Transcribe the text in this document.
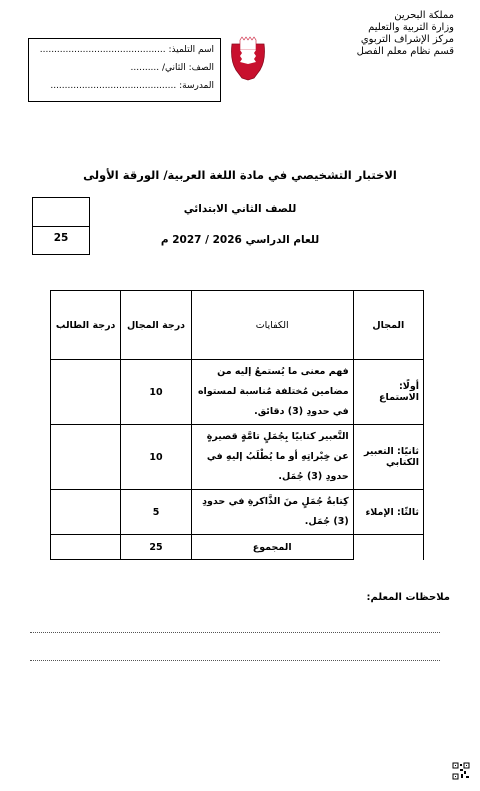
مملكة البحرين
وزارة التربية والتعليم
مركز الإشراف التربوي
قسم نظام معلم الفصل
اسم التلميذ: ............................................
الصف: الثاني/ ..........
المدرسة: ............................................
الاختبار التشخيصي في مادة اللغة العربية/ الورقة الأولى
للصف الثاني الابتدائي
للعام الدراسي 2026 / 2027 م
25
المجال	الكفايات	درجة المجال	درجة الطالب
أولًا: الاستماع	فهم معنى ما يُستمعُ إليه من مضامين مُختلفة مُناسبة لمستواه في حدودِ (3) دقائق.	10	
ثانيًا: التعبير الكتابي	التَّعبير كتابيًا بِجُمَلٍ تامَّةٍ قصيرةٍ عن خِبْراتِهِ أو ما يُطْلَبُ إليهِ في حدودِ (3) جُمَل.	10	
ثالثًا: الإملاء	كِتابةُ جُمَلٍ منَ الذَّاكرةِ في حدودِ (3) جُمَل.	5	
	المجموع	25	
ملاحظات المعلم:
